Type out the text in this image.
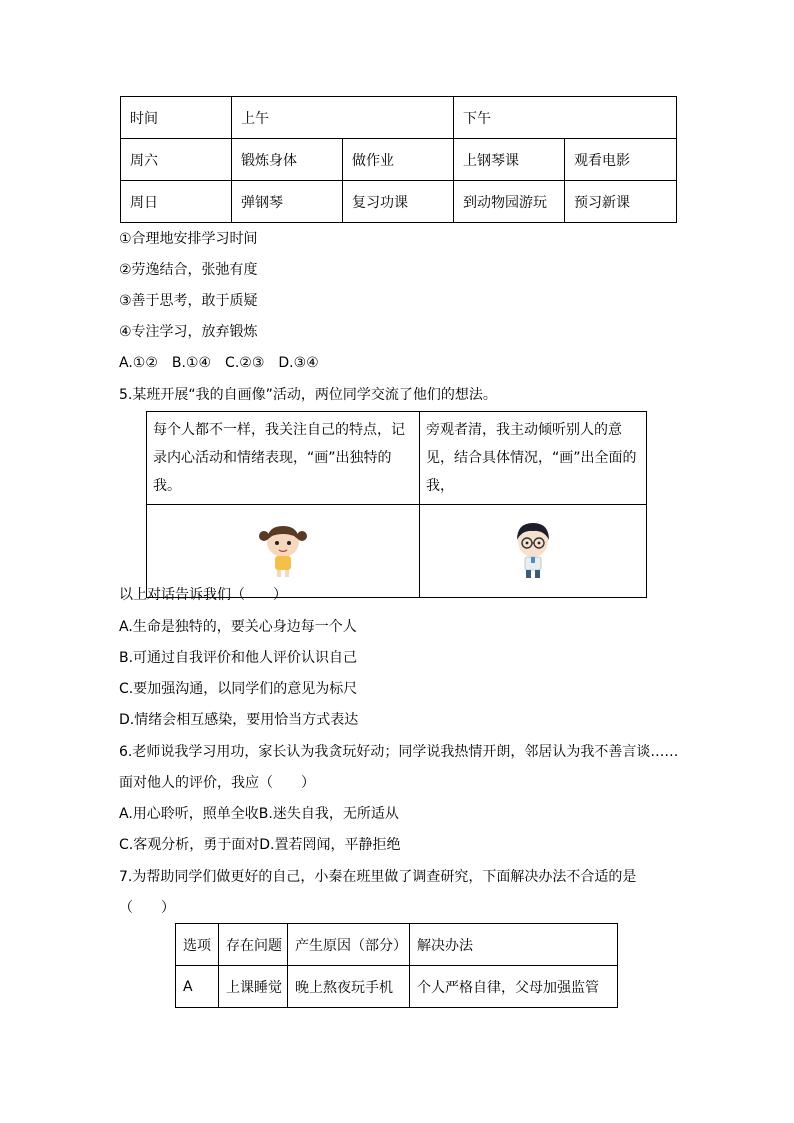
时间	上午		下午	
周六	锻炼身体	做作业	上钢琴课	观看电影
周日	弹钢琴	复习功课	到动物园游玩	预习新课
①合理地安排学习时间
②劳逸结合，张弛有度
③善于思考，敢于质疑
④专注学习，放弃锻炼
A.①②　B.①④　C.②③　D.③④
5.某班开展“我的自画像”活动，两位同学交流了他们的想法。
每个人都不一样，我关注自己的特点，记录内心活动和情绪表现，“画”出独特的我。	旁观者清，我主动倾听别人的意见，结合具体情况，“画”出全面的我，

以上对话告诉我们（　　）
A.生命是独特的，要关心身边每一个人
B.可通过自我评价和他人评价认识自己
C.要加强沟通，以同学们的意见为标尺
D.情绪会相互感染，要用恰当方式表达
6.老师说我学习用功，家长认为我贪玩好动；同学说我热情开朗，邻居认为我不善言谈……
面对他人的评价，我应（　　）
A.用心聆听，照单全收B.迷失自我，无所适从
C.客观分析，勇于面对D.置若罔闻，平静拒绝
7.为帮助同学们做更好的自己，小秦在班里做了调查研究，下面解决办法不合适的是
（　　）
选项	存在问题	产生原因（部分）	解决办法
A	上课睡觉	晚上熬夜玩手机	个人严格自律，父母加强监管
